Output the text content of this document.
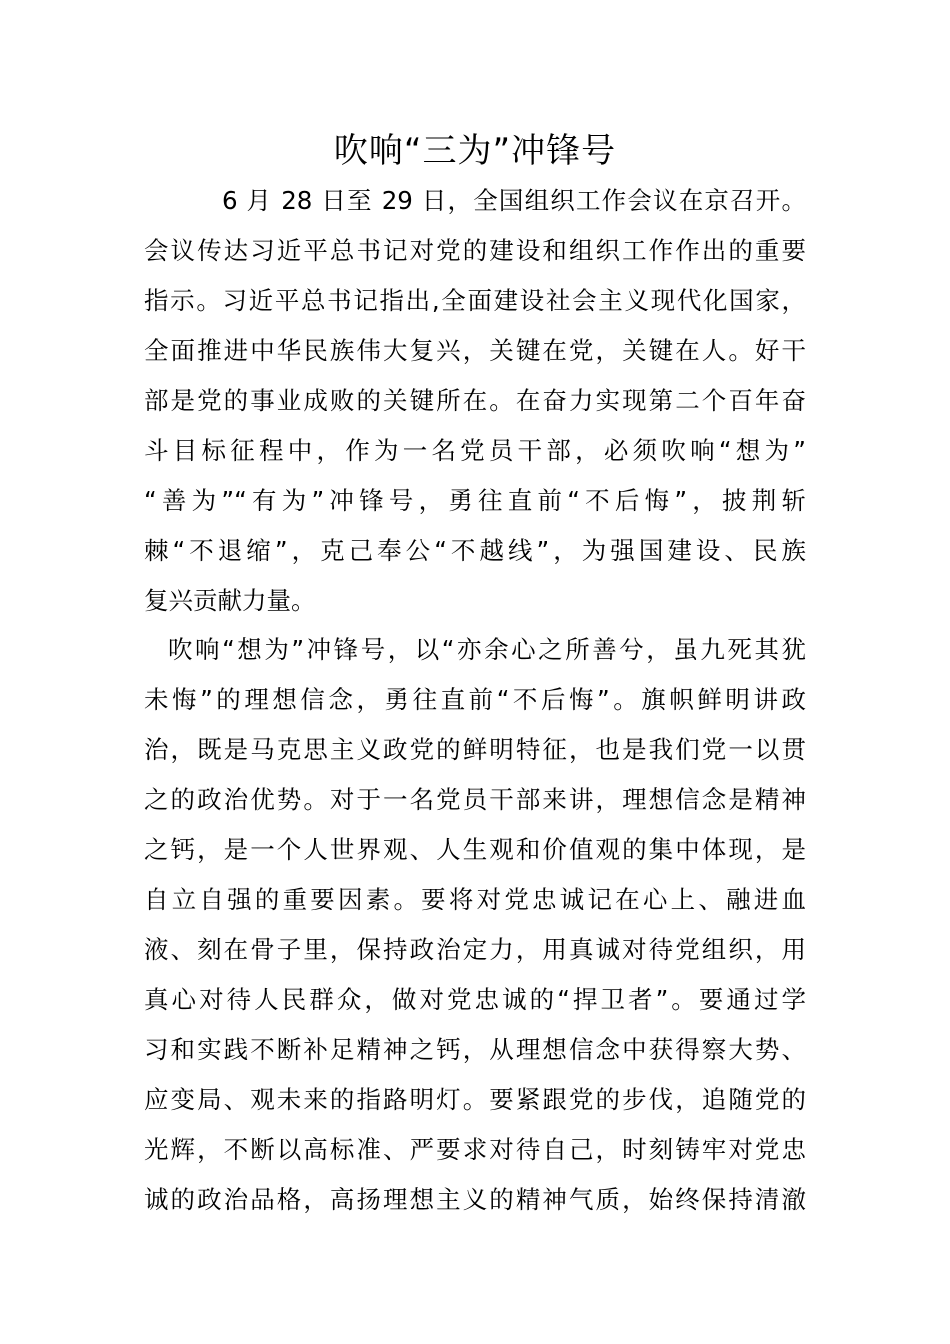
吹响“三为”冲锋号
6 月 28 日至 29 日，全国组织工作会议在京召开。
会议传达习近平总书记对党的建设和组织工作作出的重要
指示。习近平总书记指出,全面建设社会主义现代化国家，
全面推进中华民族伟大复兴，关键在党，关键在人。好干
部是党的事业成败的关键所在。在奋力实现第二个百年奋
斗目标征程中，作为一名党员干部，必须吹响“想为”
“善为”“有为”冲锋号，勇往直前“不后悔”，披荆斩
棘“不退缩”，克己奉公“不越线”，为强国建设、民族
复兴贡献力量。
吹响“想为”冲锋号，以“亦余心之所善兮，虽九死其犹
未悔”的理想信念，勇往直前“不后悔”。旗帜鲜明讲政
治，既是马克思主义政党的鲜明特征，也是我们党一以贯
之的政治优势。对于一名党员干部来讲，理想信念是精神
之钙，是一个人世界观、人生观和价值观的集中体现，是
自立自强的重要因素。要将对党忠诚记在心上、融进血
液、刻在骨子里，保持政治定力，用真诚对待党组织，用
真心对待人民群众，做对党忠诚的“捍卫者”。要通过学
习和实践不断补足精神之钙，从理想信念中获得察大势、
应变局、观未来的指路明灯。要紧跟党的步伐，追随党的
光辉，不断以高标准、严要求对待自己，时刻铸牢对党忠
诚的政治品格，高扬理想主义的精神气质，始终保持清澈
